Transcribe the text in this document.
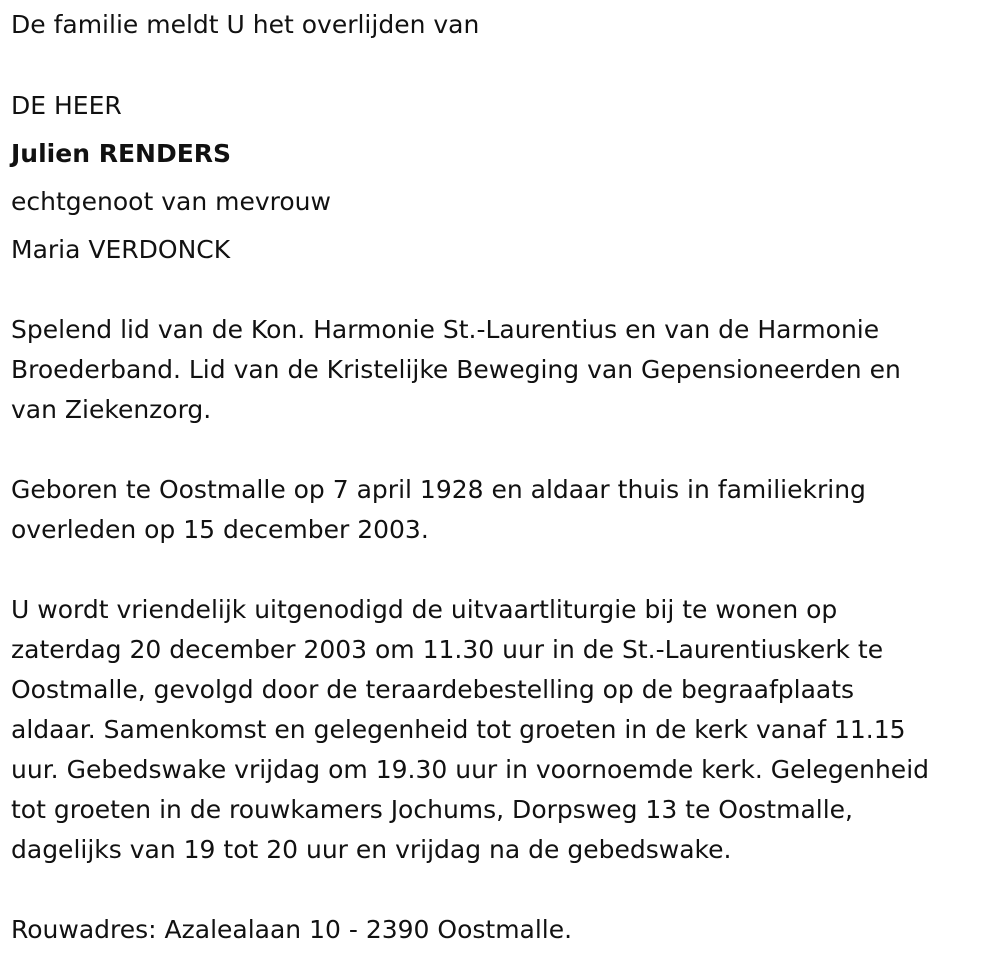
De familie meldt U het overlijden van
DE HEER
Julien RENDERS
echtgenoot van mevrouw
Maria VERDONCK
Spelend lid van de Kon. Harmonie St.-Laurentius en van de Harmonie
Broederband. Lid van de Kristelijke Beweging van Gepensioneerden en
van Ziekenzorg.
Geboren te Oostmalle op 7 april 1928 en aldaar thuis in familiekring
overleden op 15 december 2003.
U wordt vriendelijk uitgenodigd de uitvaartliturgie bij te wonen op
zaterdag 20 december 2003 om 11.30 uur in de St.-Laurentiuskerk te
Oostmalle, gevolgd door de teraardebestelling op de begraafplaats
aldaar. Samenkomst en gelegenheid tot groeten in de kerk vanaf 11.15
uur. Gebedswake vrijdag om 19.30 uur in voornoemde kerk. Gelegenheid
tot groeten in de rouwkamers Jochums, Dorpsweg 13 te Oostmalle,
dagelijks van 19 tot 20 uur en vrijdag na de gebedswake.
Rouwadres: Azalealaan 10 - 2390 Oostmalle.
